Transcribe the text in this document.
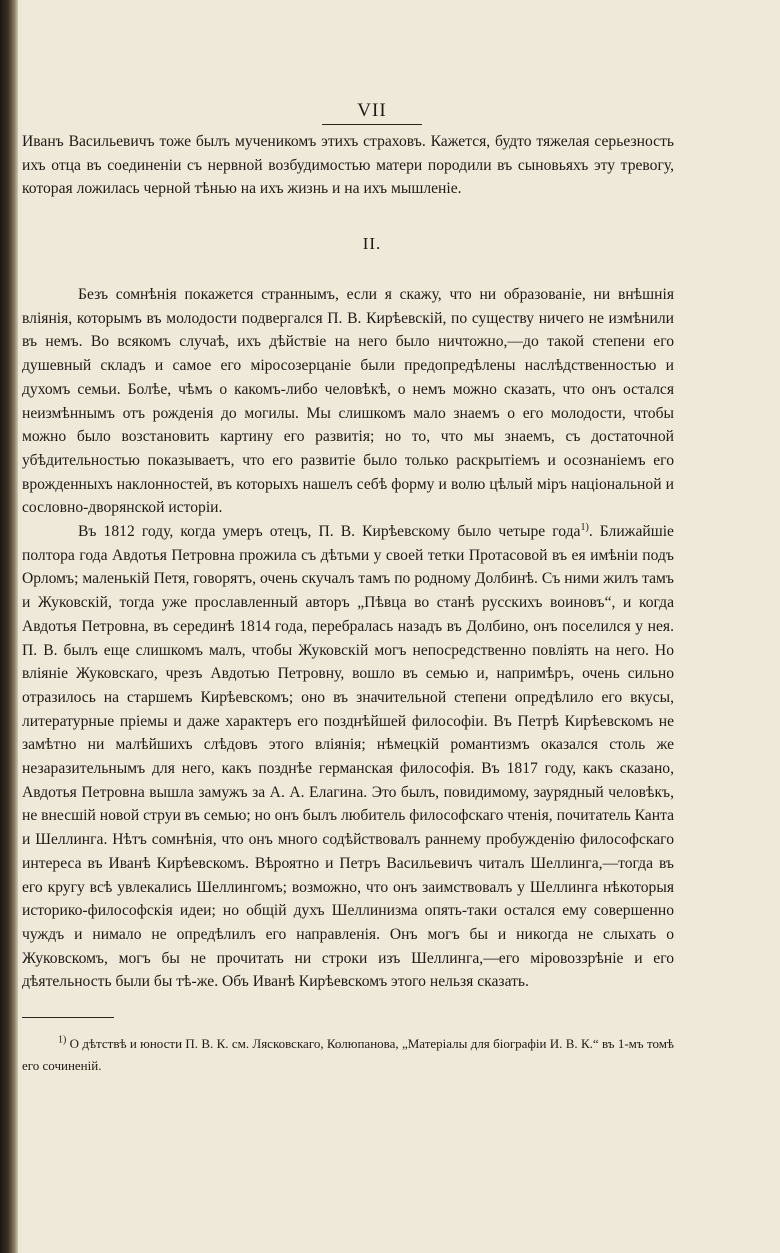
VII

Иванъ Васильевичъ тоже былъ мученикомъ этихъ страховъ. Кажется, будто тяжелая серьезность ихъ отца въ соединенiи съ нервной возбудимостью матери породили въ сыновьяхъ эту тревогу, которая ложилась черной тѣнью на ихъ жизнь и на ихъ мышленiе.

II.

Безъ сомнѣнiя покажется страннымъ, если я скажу, что ни образованiе, ни внѣшнiя влiянiя, которымъ въ молодости подвергался П. В. Кирѣевскiй, по существу ничего не измѣнили въ немъ. Во всякомъ случаѣ, ихъ дѣйствiе на него было ничтожно,—до такой степени его душевный складъ и самое его мiросозерцанiе были предопредѣлены наслѣдственностью и духомъ семьи. Болѣе, чѣмъ о какомъ-либо человѣкѣ, о немъ можно сказать, что онъ остался неизмѣннымъ отъ рожденiя до могилы. Мы слишкомъ мало знаемъ о его молодости, чтобы можно было возстановить картину его развитiя; но то, что мы знаемъ, съ достаточной убѣдительностью показываетъ, что его развитiе было только раскрытiемъ и осознанiемъ его врожденныхъ наклонностей, въ которыхъ нашелъ себѣ форму и волю цѣлый мiръ нацiональной и сословно-дворянской исторiи.

Въ 1812 году, когда умеръ отецъ, П. В. Кирѣевскому было четыре года$^{1)}$. Ближайшiе полтора года Авдотья Петровна прожила съ дѣтьми у своей тетки Протасовой въ ея имѣнiи подъ Орломъ; маленькiй Петя, говорятъ, очень скучалъ тамъ по родному Долбинѣ. Съ ними жилъ тамъ и Жуковскiй, тогда уже прославленный авторъ „Пѣвца во станѣ русскихъ воиновъ“, и когда Авдотья Петровна, въ серединѣ 1814 года, перебралась назадъ въ Долбино, онъ поселился у нея. П. В. былъ еще слишкомъ малъ, чтобы Жуковскiй могъ непосредственно повлiять на него. Но влiянiе Жуковскаго, чрезъ Авдотью Петровну, вошло въ семью и, напримѣръ, очень сильно отразилось на старшемъ Кирѣевскомъ; оно въ значительной степени опредѣлило его вкусы, литературные прiемы и даже характеръ его позднѣйшей философiи. Въ Петрѣ Кирѣевскомъ не замѣтно ни малѣйшихъ слѣдовъ этого влiянiя; нѣмецкiй романтизмъ оказался столь же незаразительнымъ для него, какъ позднѣе германская философiя. Въ 1817 году, какъ сказано, Авдотья Петровна вышла замужъ за А. А. Елагина. Это былъ, повидимому, заурядный человѣкъ, не внесшiй новой струи въ семью; но онъ былъ любитель философскаго чтенiя, почитатель Канта и Шеллинга. Нѣтъ сомнѣнiя, что онъ много содѣйствовалъ раннему пробужденiю философскаго интереса въ Иванѣ Кирѣевскомъ. Вѣроятно и Петръ Васильевичъ читалъ Шеллинга,—тогда въ его кругу всѣ увлекались Шеллингомъ; возможно, что онъ заимствовалъ у Шеллинга нѣкоторыя историко-философскiя идеи; но общiй духъ Шеллинизма опять-таки остался ему совершенно чуждъ и нимало не опредѣлилъ его направленiя. Онъ могъ бы и никогда не слыхать о Жуковскомъ, могъ бы не прочитать ни строки изъ Шеллинга,—его мiровоззрѣнiе и его дѣятельность были бы тѣ-же. Объ Иванѣ Кирѣевскомъ этого нельзя сказать.

$^{1)}$ О дѣтствѣ и юности П. В. К. см. Лясковскаго, Колюпанова, „Матерiалы для бiографiи И. В. К.“ въ 1-мъ томѣ его сочиненiй.
